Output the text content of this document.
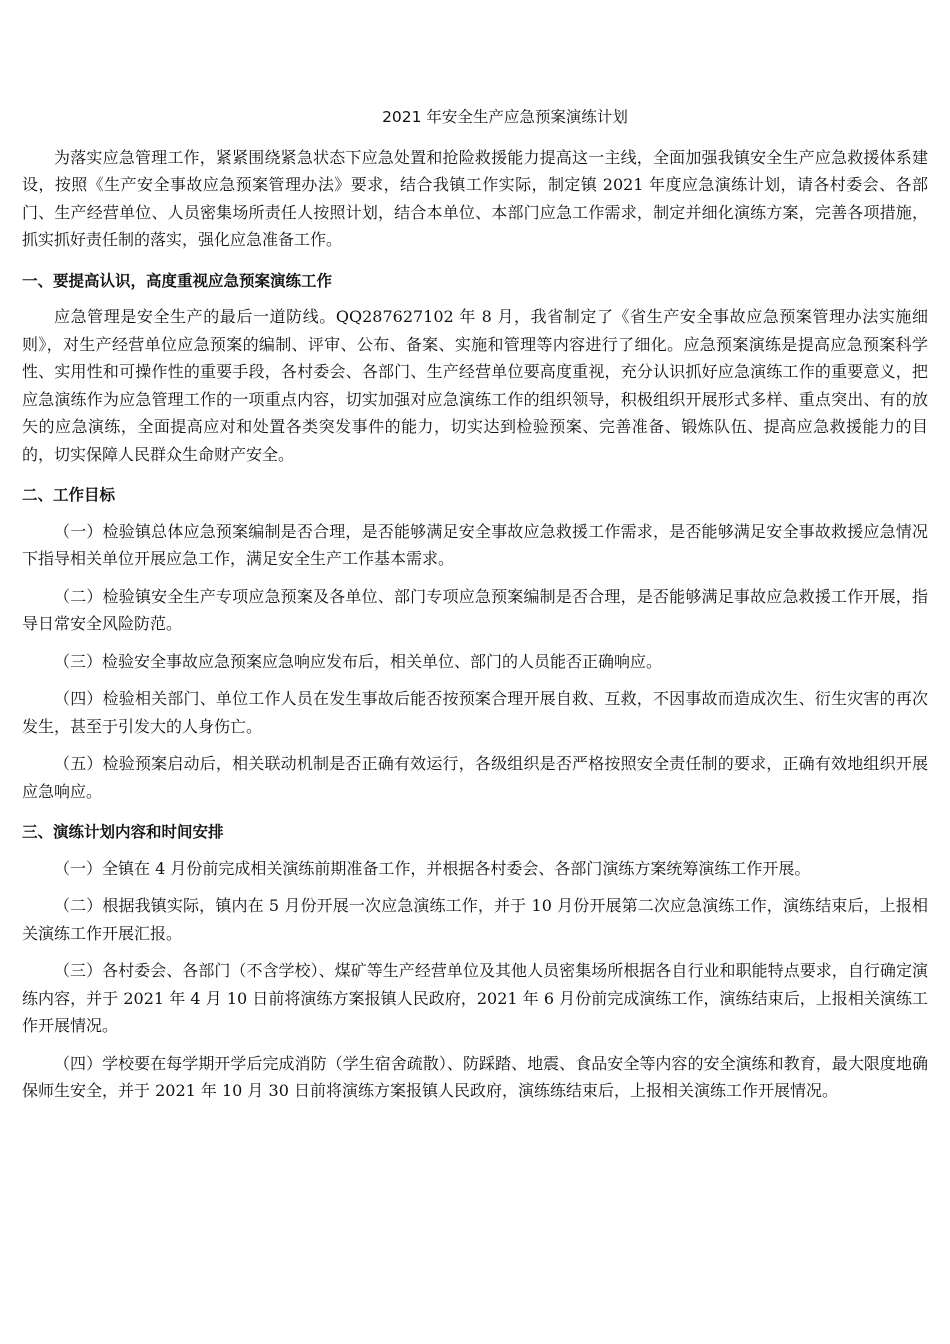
2021 年安全生产应急预案演练计划

为落实应急管理工作，紧紧围绕紧急状态下应急处置和抢险救援能力提高这一主线，全面加强我镇安全生产应急救援体系建设，按照《生产安全事故应急预案管理办法》要求，结合我镇工作实际，制定镇 2021 年度应急演练计划，请各村委会、各部门、生产经营单位、人员密集场所责任人按照计划，结合本单位、本部门应急工作需求，制定并细化演练方案，完善各项措施，抓实抓好责任制的落实，强化应急准备工作。

一、要提高认识，高度重视应急预案演练工作

应急管理是安全生产的最后一道防线。QQ287627102 年 8 月，我省制定了《省生产安全事故应急预案管理办法实施细则》，对生产经营单位应急预案的编制、评审、公布、备案、实施和管理等内容进行了细化。应急预案演练是提高应急预案科学性、实用性和可操作性的重要手段，各村委会、各部门、生产经营单位要高度重视，充分认识抓好应急演练工作的重要意义，把应急演练作为应急管理工作的一项重点内容，切实加强对应急演练工作的组织领导，积极组织开展形式多样、重点突出、有的放矢的应急演练，全面提高应对和处置各类突发事件的能力，切实达到检验预案、完善准备、锻炼队伍、提高应急救援能力的目的，切实保障人民群众生命财产安全。

二、工作目标

（一）检验镇总体应急预案编制是否合理，是否能够满足安全事故应急救援工作需求，是否能够满足安全事故救援应急情况下指导相关单位开展应急工作，满足安全生产工作基本需求。

（二）检验镇安全生产专项应急预案及各单位、部门专项应急预案编制是否合理，是否能够满足事故应急救援工作开展，指导日常安全风险防范。

（三）检验安全事故应急预案应急响应发布后，相关单位、部门的人员能否正确响应。

（四）检验相关部门、单位工作人员在发生事故后能否按预案合理开展自救、互救，不因事故而造成次生、衍生灾害的再次发生，甚至于引发大的人身伤亡。

（五）检验预案启动后，相关联动机制是否正确有效运行，各级组织是否严格按照安全责任制的要求，正确有效地组织开展应急响应。

三、演练计划内容和时间安排

（一）全镇在 4 月份前完成相关演练前期准备工作，并根据各村委会、各部门演练方案统筹演练工作开展。

（二）根据我镇实际，镇内在 5 月份开展一次应急演练工作，并于 10 月份开展第二次应急演练工作，演练结束后，上报相关演练工作开展汇报。

（三）各村委会、各部门（不含学校）、煤矿等生产经营单位及其他人员密集场所根据各自行业和职能特点要求，自行确定演练内容，并于 2021 年 4 月 10 日前将演练方案报镇人民政府，2021 年 6 月份前完成演练工作，演练结束后，上报相关演练工作开展情况。

（四）学校要在每学期开学后完成消防（学生宿舍疏散）、防踩踏、地震、食品安全等内容的安全演练和教育，最大限度地确保师生安全，并于 2021 年 10 月 30 日前将演练方案报镇人民政府，演练练结束后，上报相关演练工作开展情况。
